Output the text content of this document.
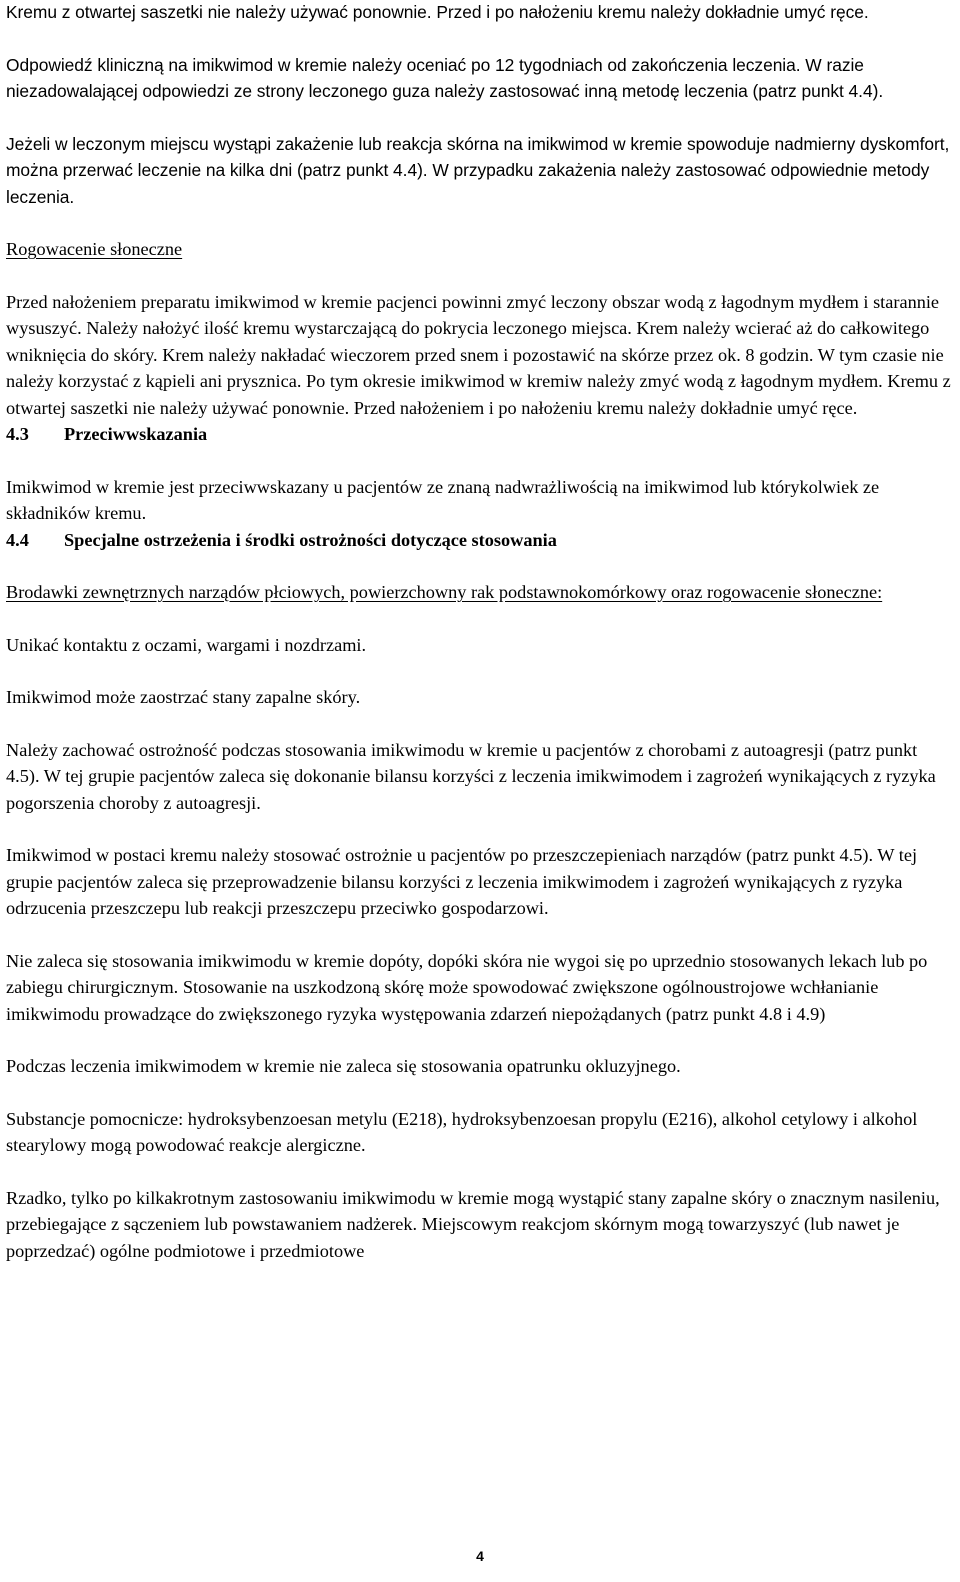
Kremu z otwartej saszetki nie należy używać ponownie. Przed i po nałożeniu kremu należy dokładnie umyć ręce.

Odpowiedź kliniczną na imikwimod w kremie należy oceniać po 12 tygodniach od zakończenia leczenia. W razie niezadowalającej odpowiedzi ze strony leczonego guza należy zastosować inną metodę leczenia (patrz punkt 4.4).

Jeżeli w leczonym miejscu wystąpi zakażenie lub reakcja skórna na imikwimod w kremie spowoduje nadmierny dyskomfort, można przerwać leczenie na kilka dni (patrz punkt 4.4). W przypadku zakażenia należy zastosować odpowiednie metody leczenia.

Rogowacenie słoneczne

Przed nałożeniem preparatu imikwimod w kremie pacjenci powinni zmyć leczony obszar wodą z łagodnym mydłem i starannie wysuszyć. Należy nałożyć ilość kremu wystarczającą do pokrycia leczonego miejsca. Krem należy wcierać aż do całkowitego wniknięcia do skóry. Krem należy nakładać wieczorem przed snem i pozostawić na skórze przez ok. 8 godzin. W tym czasie nie należy korzystać z kąpieli ani prysznica. Po tym okresie imikwimod w kremiw należy zmyć wodą z łagodnym mydłem. Kremu z otwartej saszetki nie należy używać ponownie. Przed nałożeniem i po nałożeniu kremu należy dokładnie umyć ręce.

4.3 Przeciwwskazania

Imikwimod w kremie jest przeciwwskazany u pacjentów ze znaną nadwrażliwością na imikwimod lub którykolwiek ze składników kremu.

4.4 Specjalne ostrzeżenia i środki ostrożności dotyczące stosowania

Brodawki zewnętrznych narządów płciowych, powierzchowny rak podstawnokomórkowy oraz rogowacenie słoneczne:

Unikać kontaktu z oczami, wargami i nozdrzami.

Imikwimod może zaostrzać stany zapalne skóry.

Należy zachować ostrożność podczas stosowania imikwimodu w kremie u pacjentów z chorobami z autoagresji (patrz punkt 4.5). W tej grupie pacjentów zaleca się dokonanie bilansu korzyści z leczenia imikwimodem i zagrożeń wynikających z ryzyka pogorszenia choroby z autoagresji.

Imikwimod w postaci kremu należy stosować ostrożnie u pacjentów po przeszczepieniach narządów (patrz punkt 4.5). W tej grupie pacjentów zaleca się przeprowadzenie bilansu korzyści z leczenia imikwimodem i zagrożeń wynikających z ryzyka odrzucenia przeszczepu lub reakcji przeszczepu przeciwko gospodarzowi.

Nie zaleca się stosowania imikwimodu w kremie dopóty, dopóki skóra nie wygoi się po uprzednio stosowanych lekach lub po zabiegu chirurgicznym. Stosowanie na uszkodzoną skórę może spowodować zwiększone ogólnoustrojowe wchłanianie imikwimodu prowadzące do zwiększonego ryzyka występowania zdarzeń niepożądanych (patrz punkt 4.8 i 4.9)

Podczas leczenia imikwimodem w kremie nie zaleca się stosowania opatrunku okluzyjnego.

Substancje pomocnicze: hydroksybenzoesan metylu (E218), hydroksybenzoesan propylu (E216), alkohol cetylowy i alkohol stearylowy mogą powodować reakcje alergiczne.

Rzadko, tylko po kilkakrotnym zastosowaniu imikwimodu w kremie mogą wystąpić stany zapalne skóry o znacznym nasileniu, przebiegające z sączeniem lub powstawaniem nadżerek. Miejscowym reakcjom skórnym mogą towarzyszyć (lub nawet je poprzedzać) ogólne podmiotowe i przedmiotowe

4
